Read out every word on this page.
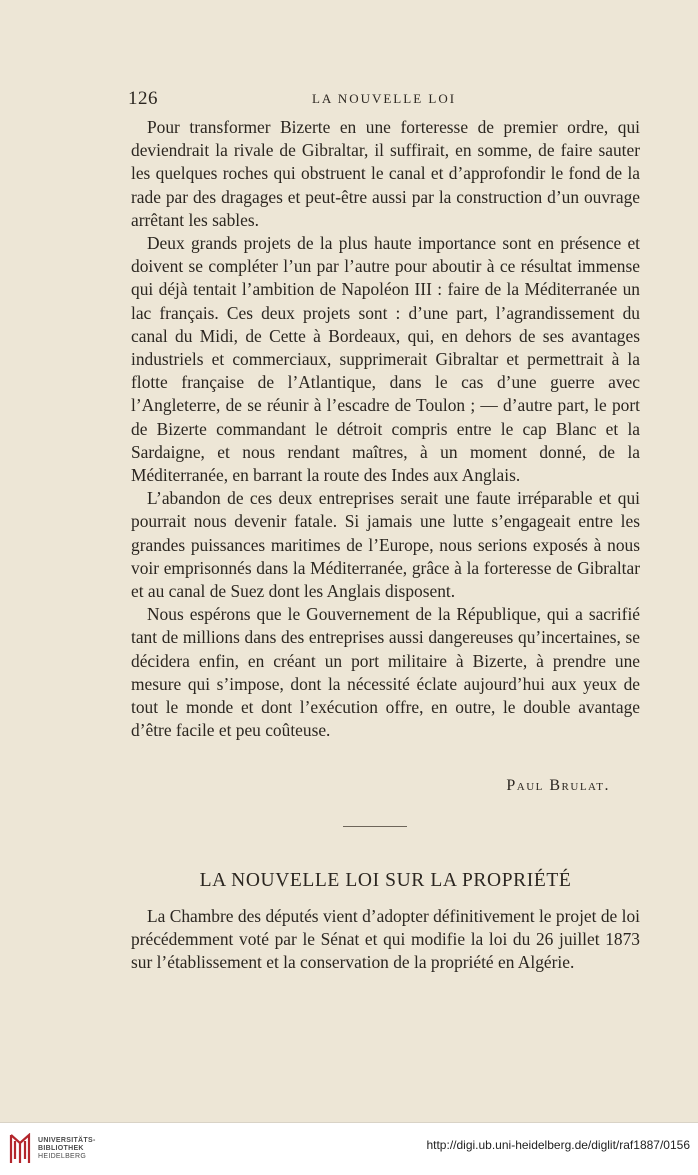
126	LA NOUVELLE LOI

Pour transformer Bizerte en une forteresse de premier ordre, qui deviendrait la rivale de Gibraltar, il suffirait, en somme, de faire sauter les quelques roches qui obstruent le canal et d’approfondir le fond de la rade par des dragages et peut-être aussi par la construction d’un ouvrage arrêtant les sables.

Deux grands projets de la plus haute importance sont en présence et doivent se compléter l’un par l’autre pour aboutir à ce résultat immense qui déjà tentait l’ambition de Napoléon III : faire de la Méditerranée un lac français. Ces deux projets sont : d’une part, l’agrandissement du canal du Midi, de Cette à Bordeaux, qui, en dehors de ses avantages industriels et commerciaux, supprimerait Gibraltar et permettrait à la flotte française de l’Atlantique, dans le cas d’une guerre avec l’Angleterre, de se réunir à l’escadre de Toulon ; — d’autre part, le port de Bizerte commandant le détroit compris entre le cap Blanc et la Sardaigne, et nous rendant maîtres, à un moment donné, de la Méditerranée, en barrant la route des Indes aux Anglais.

L’abandon de ces deux entreprises serait une faute irréparable et qui pourrait nous devenir fatale. Si jamais une lutte s’engageait entre les grandes puissances maritimes de l’Europe, nous serions exposés à nous voir emprisonnés dans la Méditerranée, grâce à la forteresse de Gibraltar et au canal de Suez dont les Anglais disposent.

Nous espérons que le Gouvernement de la République, qui a sacrifié tant de millions dans des entreprises aussi dangereuses qu’incertaines, se décidera enfin, en créant un port militaire à Bizerte, à prendre une mesure qui s’impose, dont la nécessité éclate aujourd’hui aux yeux de tout le monde et dont l’exécution offre, en outre, le double avantage d’être facile et peu coûteuse.

Paul Brulat.
LA NOUVELLE LOI SUR LA PROPRIÉTÉ

La Chambre des députés vient d’adopter définitivement le projet de loi précédemment voté par le Sénat et qui modifie la loi du 26 juillet 1873 sur l’établissement et la conservation de la propriété en Algérie.

UNIVERSITÄTS-
BIBLIOTHEK
HEIDELBERG
http://digi.ub.uni-heidelberg.de/diglit/raf1887/0156
